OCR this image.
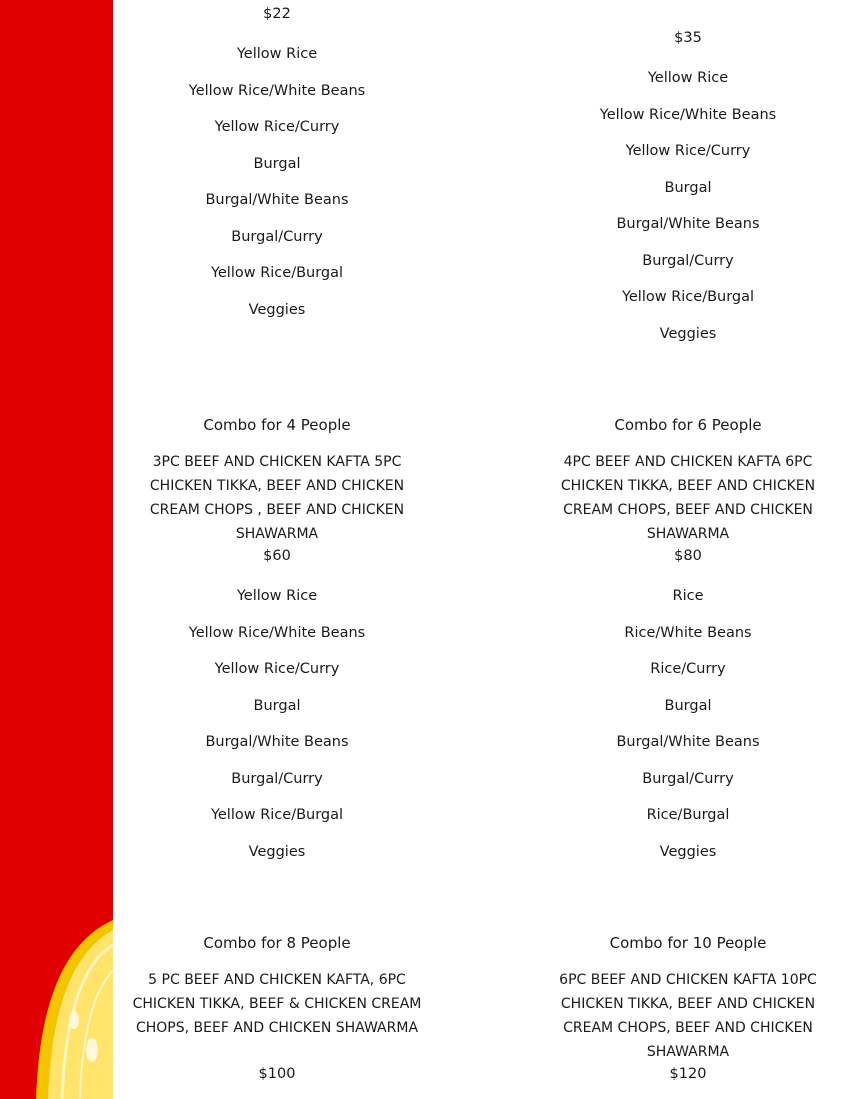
$22
Yellow Rice
Yellow Rice/White Beans
Yellow Rice/Curry
Burgal
Burgal/White Beans
Burgal/Curry
Yellow Rice/Burgal
Veggies
$35
Yellow Rice
Yellow Rice/White Beans
Yellow Rice/Curry
Burgal
Burgal/White Beans
Burgal/Curry
Yellow Rice/Burgal
Veggies
Combo for 4 People
3PC BEEF AND CHICKEN KAFTA 5PC CHICKEN TIKKA, BEEF AND CHICKEN CREAM CHOPS , BEEF AND CHICKEN SHAWARMA
$60
Yellow Rice
Yellow Rice/White Beans
Yellow Rice/Curry
Burgal
Burgal/White Beans
Burgal/Curry
Yellow Rice/Burgal
Veggies
Combo for 6 People
4PC BEEF AND CHICKEN KAFTA 6PC CHICKEN TIKKA, BEEF AND CHICKEN CREAM CHOPS, BEEF AND CHICKEN SHAWARMA
$80
Rice
Rice/White Beans
Rice/Curry
Burgal
Burgal/White Beans
Burgal/Curry
Rice/Burgal
Veggies
Combo for 8 People
5 PC BEEF AND CHICKEN KAFTA, 6PC CHICKEN TIKKA, BEEF & CHICKEN CREAM CHOPS, BEEF AND CHICKEN SHAWARMA
$100
Combo for 10 People
6PC BEEF AND CHICKEN KAFTA 10PC CHICKEN TIKKA, BEEF AND CHICKEN CREAM CHOPS, BEEF AND CHICKEN SHAWARMA
$120
